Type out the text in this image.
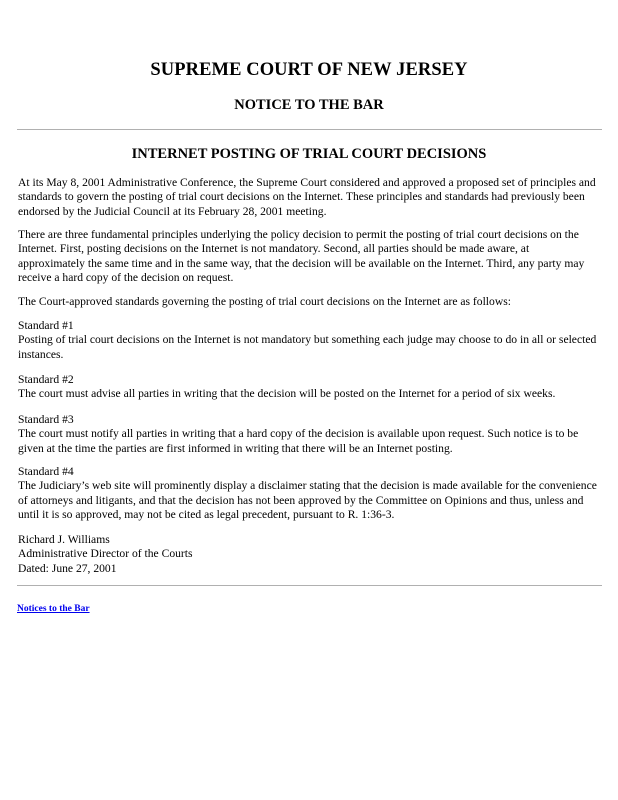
SUPREME COURT OF NEW JERSEY
NOTICE TO THE BAR
INTERNET POSTING OF TRIAL COURT DECISIONS

At its May 8, 2001 Administrative Conference, the Supreme Court considered and approved a proposed set of principles and standards to govern the posting of trial court decisions on the Internet. These principles and standards had previously been endorsed by the Judicial Council at its February 28, 2001 meeting.

There are three fundamental principles underlying the policy decision to permit the posting of trial court decisions on the Internet. First, posting decisions on the Internet is not mandatory. Second, all parties should be made aware, at approximately the same time and in the same way, that the decision will be available on the Internet. Third, any party may receive a hard copy of the decision on request.

The Court-approved standards governing the posting of trial court decisions on the Internet are as follows:

Standard #1
Posting of trial court decisions on the Internet is not mandatory but something each judge may choose to do in all or selected instances.
Standard #2
The court must advise all parties in writing that the decision will be posted on the Internet for a period of six weeks.
Standard #3
The court must notify all parties in writing that a hard copy of the decision is available upon request. Such notice is to be given at the time the parties are first informed in writing that there will be an Internet posting.
Standard #4
The Judiciary’s web site will prominently display a disclaimer stating that the decision is made available for the convenience of attorneys and litigants, and that the decision has not been approved by the Committee on Opinions and thus, unless and until it is so approved, may not be cited as legal precedent, pursuant to R. 1:36-3.
Richard J. Williams
Administrative Director of the Courts
Dated: June 27, 2001
Notices to the Bar
